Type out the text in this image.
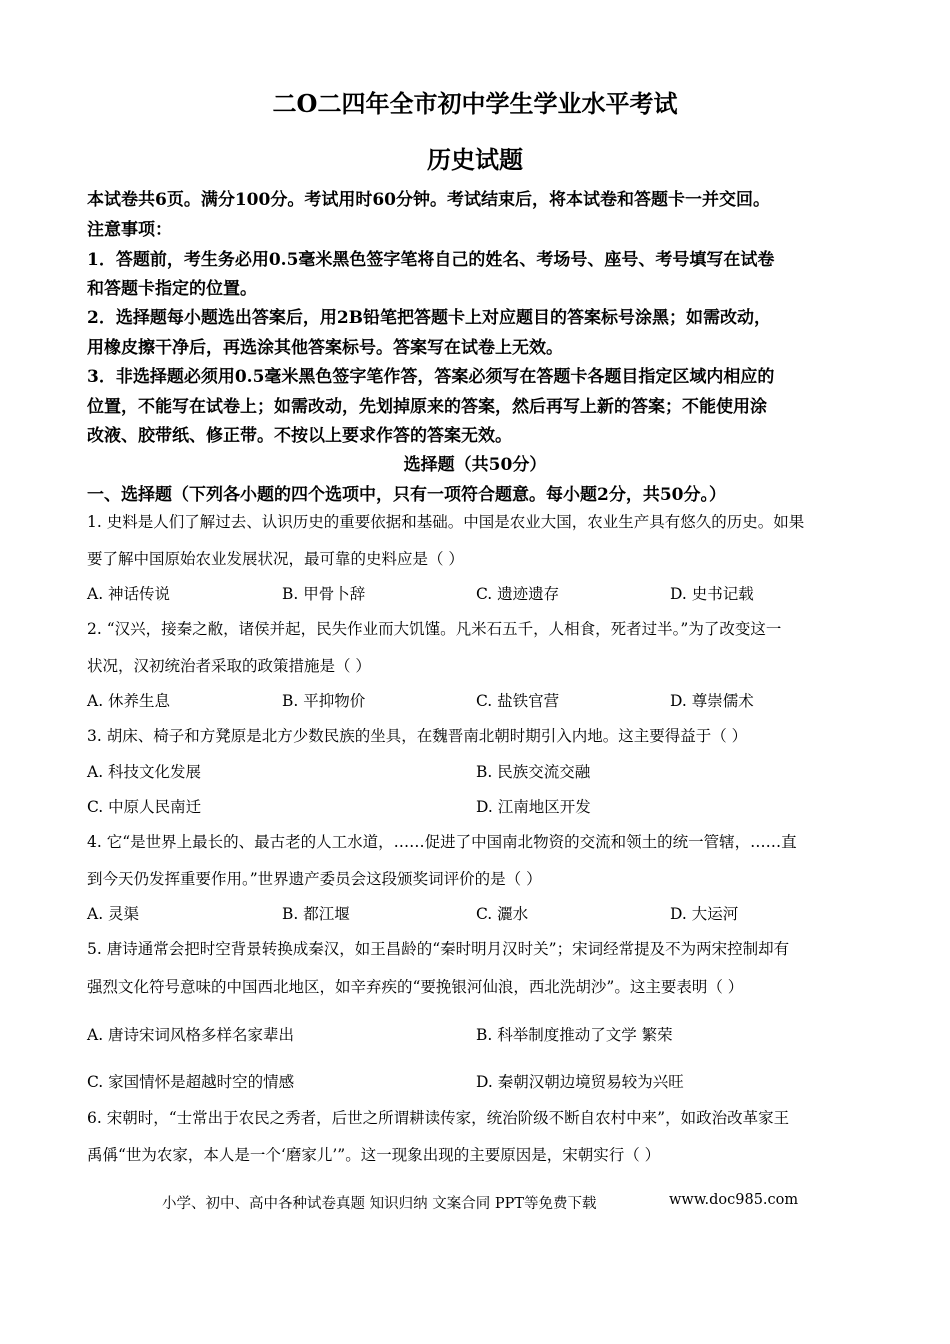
二O二四年全市初中学生学业水平考试
历史试题
本试卷共6页。满分100分。考试用时60分钟。考试结束后，将本试卷和答题卡一并交回。
注意事项：
1．答题前，考生务必用0.5毫米黑色签字笔将自己的姓名、考场号、座号、考号填写在试卷
和答题卡指定的位置。
2．选择题每小题选出答案后，用2B铅笔把答题卡上对应题目的答案标号涂黑；如需改动，
用橡皮擦干净后，再选涂其他答案标号。答案写在试卷上无效。
3．非选择题必须用0.5毫米黑色签字笔作答，答案必须写在答题卡各题目指定区域内相应的
位置，不能写在试卷上；如需改动，先划掉原来的答案，然后再写上新的答案；不能使用涂
改液、胶带纸、修正带。不按以上要求作答的答案无效。
选择题（共50分）
一、选择题（下列各小题的四个选项中，只有一项符合题意。每小题2分，共50分。）
1. 史料是人们了解过去、认识历史的重要依据和基础。中国是农业大国，农业生产具有悠久的历史。如果
要了解中国原始农业发展状况，最可靠的史料应是（ ）
A. 神话传说	B. 甲骨卜辞	C. 遗迹遗存	D. 史书记载
2. “汉兴，接秦之敝，诸侯并起，民失作业而大饥馑。凡米石五千，人相食，死者过半。”为了改变这一
状况，汉初统治者采取的政策措施是（ ）
A. 休养生息	B. 平抑物价	C. 盐铁官营	D. 尊崇儒术
3. 胡床、椅子和方凳原是北方少数民族的坐具，在魏晋南北朝时期引入内地。这主要得益于（ ）
A. 科技文化发展	B. 民族交流交融
C. 中原人民南迁	D. 江南地区开发
4. 它“是世界上最长的、最古老的人工水道，……促进了中国南北物资的交流和领土的统一管辖，……直
到今天仍发挥重要作用。”世界遗产委员会这段颁奖词评价的是（ ）
A. 灵渠	B. 都江堰	C. 灑水	D. 大运河
5. 唐诗通常会把时空背景转换成秦汉，如王昌龄的“秦时明月汉时关”；宋词经常提及不为两宋控制却有
强烈文化符号意味的中国西北地区，如辛弃疾的“要挽银河仙浪，西北洗胡沙”。这主要表明（ ）
A. 唐诗宋词风格多样名家辈出	B. 科举制度推动了文学 繁荣
C. 家国情怀是超越时空的情感	D. 秦朝汉朝边境贸易较为兴旺
6. 宋朝时，“士常出于农民之秀者，后世之所谓耕读传家，统治阶级不断自农村中来”，如政治改革家王
禹偁“世为农家，本人是一个‘磨家儿’”。这一现象出现的主要原因是，宋朝实行（ ）
小学、初中、高中各种试卷真题 知识归纳 文案合同 PPT等免费下载	www.doc985.com
